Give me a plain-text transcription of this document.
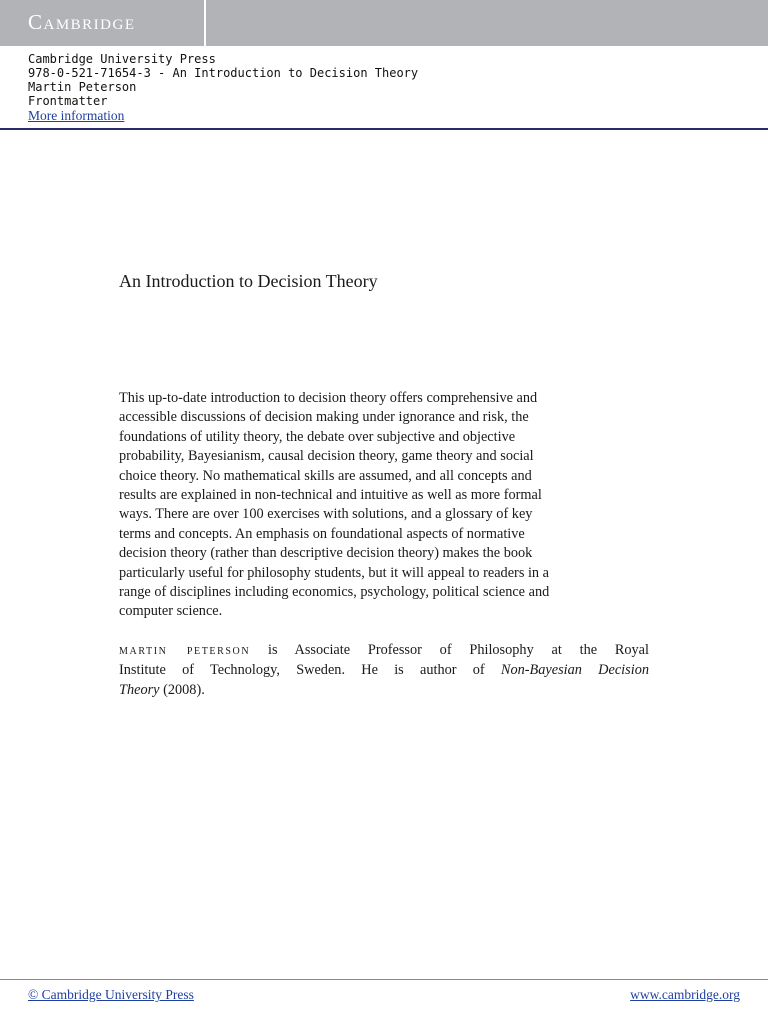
Cambridge
Cambridge University Press
978-0-521-71654-3 - An Introduction to Decision Theory
Martin Peterson
Frontmatter
More information
An Introduction to Decision Theory
This up-to-date introduction to decision theory offers comprehensive and
accessible discussions of decision making under ignorance and risk, the
foundations of utility theory, the debate over subjective and objective
probability, Bayesianism, causal decision theory, game theory and social
choice theory. No mathematical skills are assumed, and all concepts and
results are explained in non-technical and intuitive as well as more formal
ways. There are over 100 exercises with solutions, and a glossary of key
terms and concepts. An emphasis on foundational aspects of normative
decision theory (rather than descriptive decision theory) makes the book
particularly useful for philosophy students, but it will appeal to readers in a
range of disciplines including economics, psychology, political science and
computer science.
martin peterson is Associate Professor of Philosophy at the Royal
Institute of Technology, Sweden. He is author of Non-Bayesian Decision
Theory (2008).
© Cambridge University Press	www.cambridge.org
